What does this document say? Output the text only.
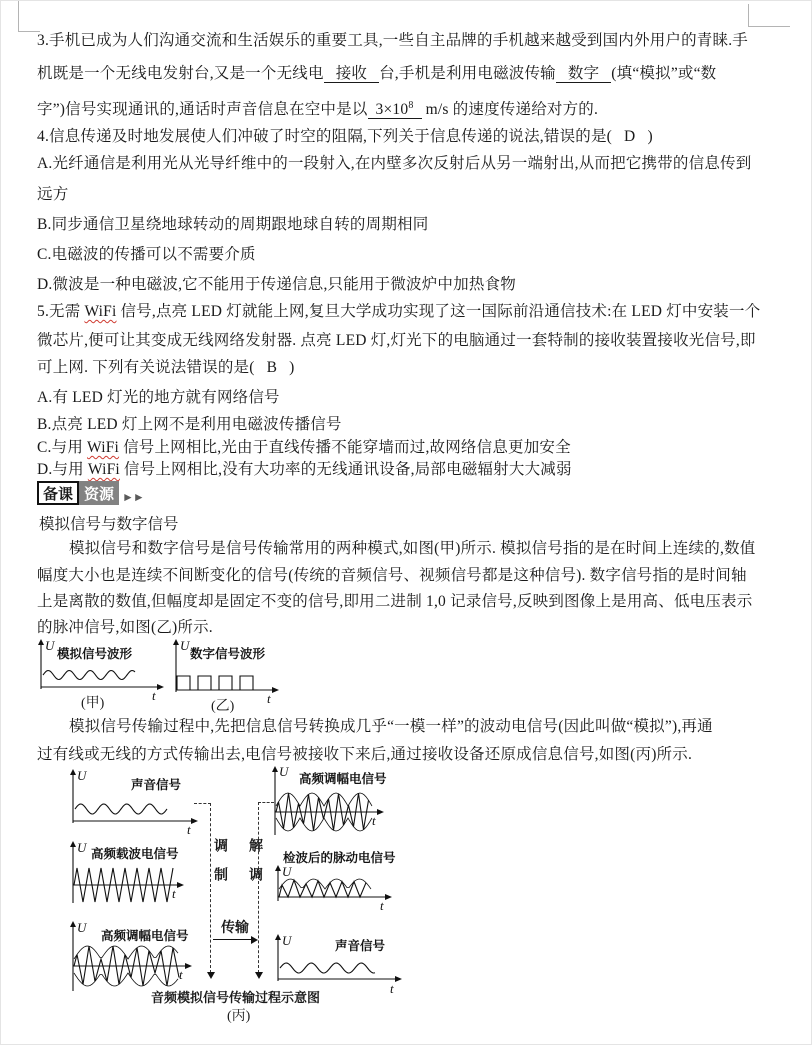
3.手机已成为人们沟通交流和生活娱乐的重要工具,一些自主品牌的手机越来越受到国内外用户的青睐.手
机既是一个无线电发射台,又是一个无线电 接收 台,手机是利用电磁波传输 数字 (填“模拟”或“数
字”)信号实现通讯的,通话时声音信息在空中是以 $3\times 10^8$ m/s 的速度传递给对方的.
4.信息传递及时地发展使人们冲破了时空的阻隔,下列关于信息传递的说法,错误的是( D )
A.光纤通信是利用光从光导纤维中的一段射入,在内壁多次反射后从另一端射出,从而把它携带的信息传到
远方
B.同步通信卫星绕地球转动的周期跟地球自转的周期相同
C.电磁波的传播可以不需要介质
D.微波是一种电磁波,它不能用于传递信息,只能用于微波炉中加热食物
5.无需 WiFi 信号,点亮 LED 灯就能上网,复旦大学成功实现了这一国际前沿通信技术:在 LED 灯中安装一个
微芯片,便可让其变成无线网络发射器. 点亮 LED 灯,灯光下的电脑通过一套特制的接收装置接收光信号,即
可上网. 下列有关说法错误的是( B )
A.有 LED 灯光的地方就有网络信号
B.点亮 LED 灯上网不是利用电磁波传播信号
C.与用 WiFi 信号上网相比,光由于直线传播不能穿墙而过,故网络信息更加安全
D.与用 WiFi 信号上网相比,没有大功率的无线通讯设备,局部电磁辐射大大减弱
备课 资源 ►►
模拟信号与数字信号
模拟信号和数字信号是信号传输常用的两种模式,如图(甲)所示. 模拟信号指的是在时间上连续的,数值
幅度大小也是连续不间断变化的信号(传统的音频信号、视频信号都是这种信号). 数字信号指的是时间轴
上是离散的数值,但幅度却是固定不变的信号,即用二进制 1,0 记录信号,反映到图像上是用高、低电压表示
的脉冲信号,如图(乙)所示.
U
模拟信号波形
t
(甲)
U
数字信号波形
t
(乙)
模拟信号传输过程中,先把信息信号转换成几乎“一模一样”的波动电信号(因此叫做“模拟”),再通
过有线或无线的方式传输出去,电信号被接收下来后,通过接收设备还原成信息信号,如图(丙)所示.
U
声音信号
t
U 高频载波电信号
t
U
高频调幅电信号
t
调制 解调
传输
U 高频调幅电信号
t
检波后的脉动电信号
U
t
U	声音信号
t
音频模拟信号传输过程示意图
(丙)
